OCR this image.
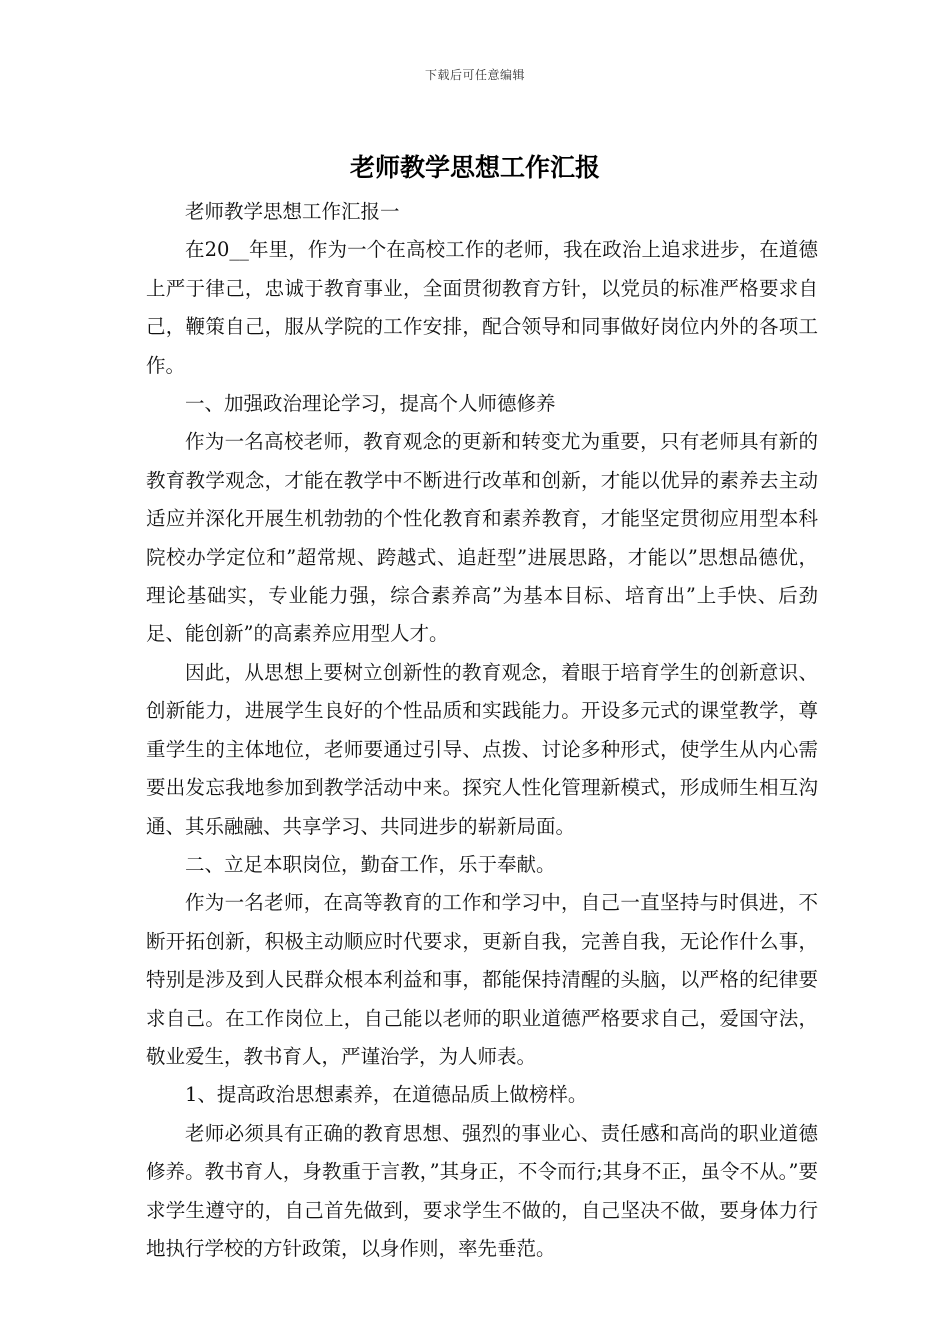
下载后可任意编辑
老师教学思想工作汇报

老师教学思想工作汇报一

在20__年里，作为一个在高校工作的老师，我在政治上追求进步，在道德上严于律己，忠诚于教育事业，全面贯彻教育方针，以党员的标准严格要求自己，鞭策自己，服从学院的工作安排，配合领导和同事做好岗位内外的各项工作。

一、加强政治理论学习，提高个人师德修养

作为一名高校老师，教育观念的更新和转变尤为重要，只有老师具有新的教育教学观念，才能在教学中不断进行改革和创新，才能以优异的素养去主动适应并深化开展生机勃勃的个性化教育和素养教育，才能坚定贯彻应用型本科院校办学定位和”超常规、跨越式、追赶型”进展思路，才能以”思想品德优，理论基础实，专业能力强，综合素养高”为基本目标、培育出”上手快、后劲足、能创新”的高素养应用型人才。

因此，从思想上要树立创新性的教育观念，着眼于培育学生的创新意识、创新能力，进展学生良好的个性品质和实践能力。开设多元式的课堂教学，尊重学生的主体地位，老师要通过引导、点拨、讨论多种形式，使学生从内心需要出发忘我地参加到教学活动中来。探究人性化管理新模式，形成师生相互沟通、其乐融融、共享学习、共同进步的崭新局面。

二、立足本职岗位，勤奋工作，乐于奉献。

作为一名老师，在高等教育的工作和学习中，自己一直坚持与时俱进，不断开拓创新，积极主动顺应时代要求，更新自我，完善自我，无论作什么事，特别是涉及到人民群众根本利益和事，都能保持清醒的头脑，以严格的纪律要求自己。在工作岗位上，自己能以老师的职业道德严格要求自己，爱国守法，敬业爱生，教书育人，严谨治学，为人师表。

1、提高政治思想素养，在道德品质上做榜样。

老师必须具有正确的教育思想、强烈的事业心、责任感和高尚的职业道德修养。教书育人，身教重于言教，”其身正，不令而行;其身不正，虽令不从。”要求学生遵守的，自己首先做到，要求学生不做的，自己坚决不做，要身体力行地执行学校的方针政策，以身作则，率先垂范。
